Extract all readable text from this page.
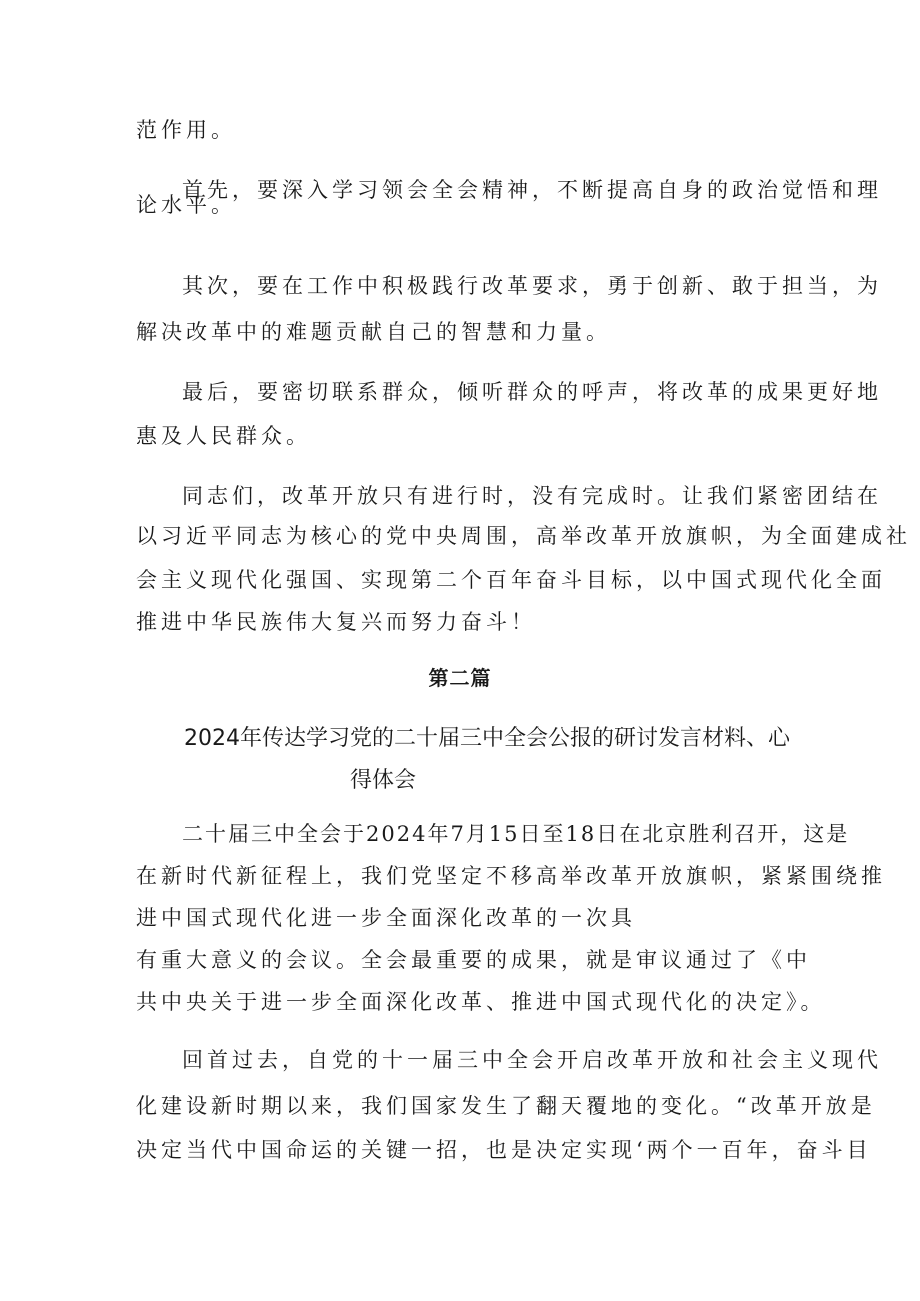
范作用。
首先，要深入学习领会全会精神，不断提高自身的政治觉悟和理
论水平。
其次，要在工作中积极践行改革要求，勇于创新、敢于担当，为
解决改革中的难题贡献自己的智慧和力量。
最后，要密切联系群众，倾听群众的呼声，将改革的成果更好地
惠及人民群众。
同志们，改革开放只有进行时，没有完成时。让我们紧密团结在
以习近平同志为核心的党中央周围，高举改革开放旗帜，为全面建成社
会主义现代化强国、实现第二个百年奋斗目标，以中国式现代化全面
推进中华民族伟大复兴而努力奋斗！
第二篇
2024年传达学习党的二十届三中全会公报的研讨发言材料、心
得体会
二十届三中全会于2024年7月15日至18日在北京胜利召开，这是
在新时代新征程上，我们党坚定不移高举改革开放旗帜，紧紧围绕推
进中国式现代化进一步全面深化改革的一次具
有重大意义的会议。全会最重要的成果，就是审议通过了《中
共中央关于进一步全面深化改革、推进中国式现代化的决定》。
回首过去，自党的十一届三中全会开启改革开放和社会主义现代
化建设新时期以来，我们国家发生了翻天覆地的变化。“改革开放是
决定当代中国命运的关键一招，也是决定实现‘两个一百年，奋斗目
